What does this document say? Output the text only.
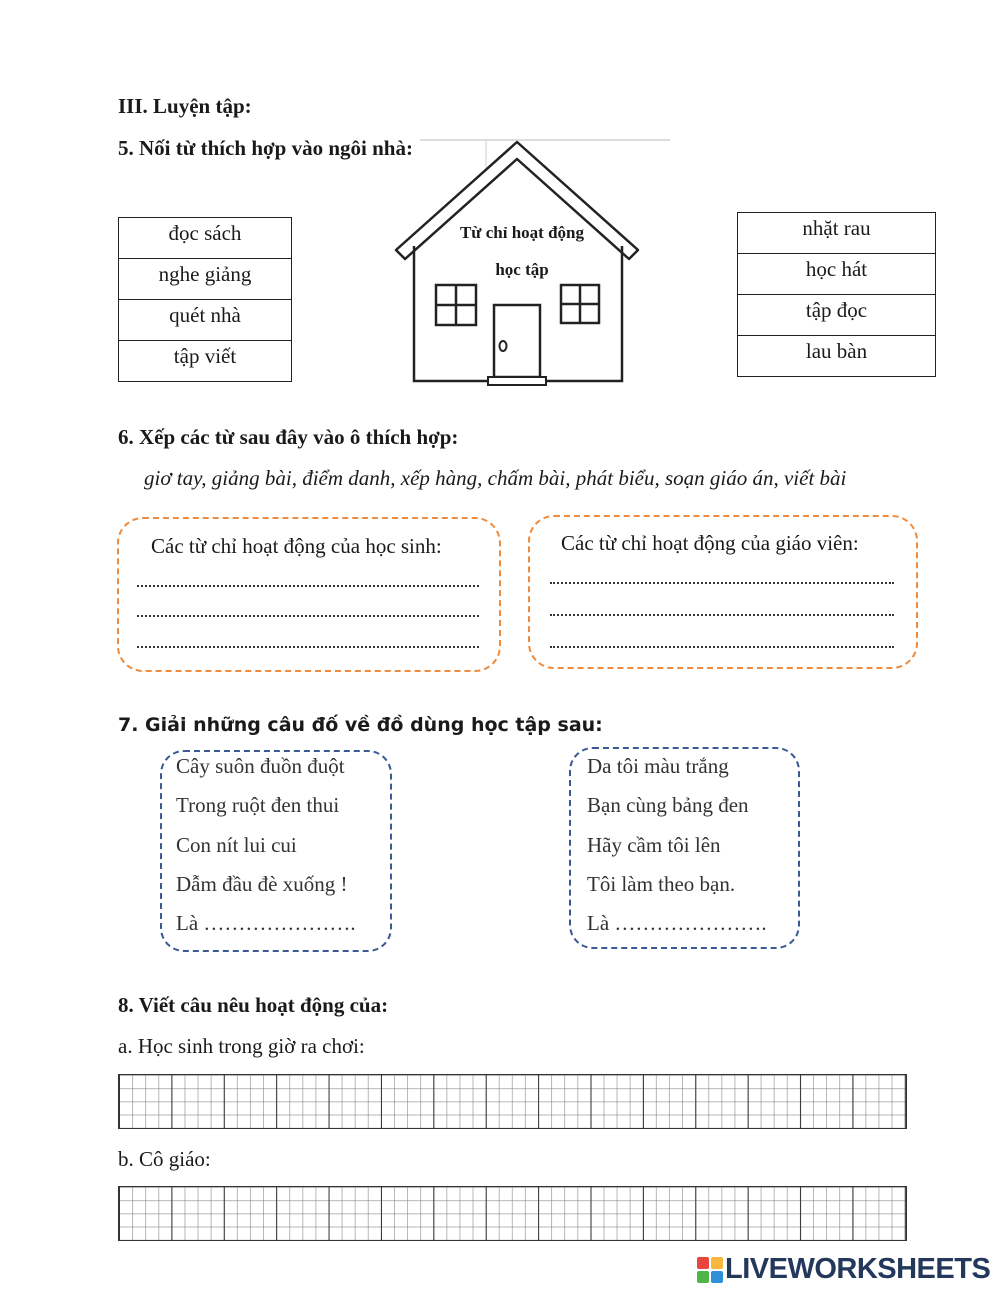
III. Luyện tập:
5. Nối từ thích hợp vào ngôi nhà:
đọc sách
nghe giảng
quét nhà
tập viết
Từ chỉ hoạt động
học tập
nhặt rau
học hát
tập đọc
lau bàn
6. Xếp các từ sau đây vào ô thích hợp:
giơ tay, giảng bài, điểm danh, xếp hàng, chấm bài, phát biểu, soạn giáo án, viết bài
Các từ chỉ hoạt động của học sinh:	Các từ chỉ hoạt động của giáo viên:
7. Giải những câu đố về đồ dùng học tập sau:
Cây suôn đuồn đuột
Trong ruột đen thui
Con nít lui cui
Dẫm đầu đè xuống !
Là ………………….
Da tôi màu trắng
Bạn cùng bảng đen
Hãy cầm tôi lên
Tôi làm theo bạn.
Là ………………….
8. Viết câu nêu hoạt động của:
a. Học sinh trong giờ ra chơi:
b. Cô giáo:
LIVEWORKSHEETS
